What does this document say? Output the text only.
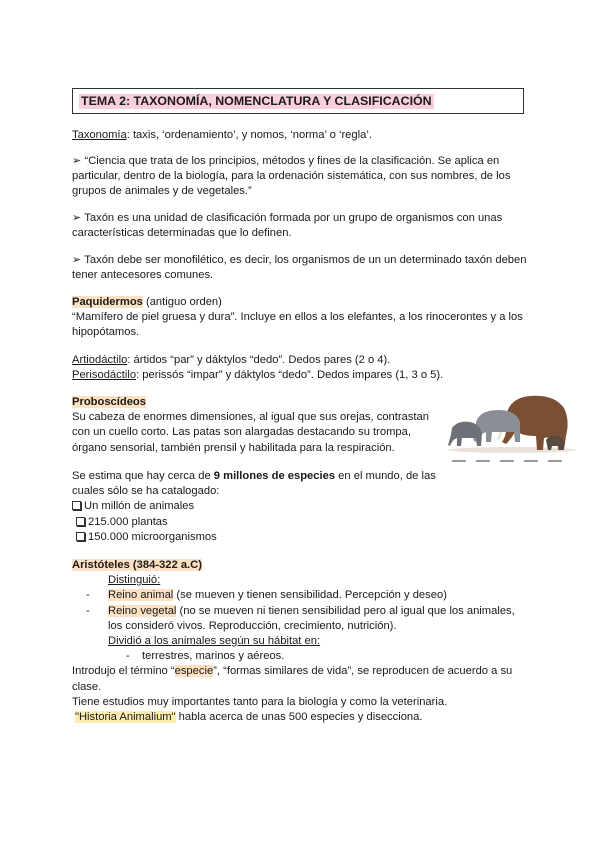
TEMA 2: TAXONOMÍA, NOMENCLATURA Y CLASIFICACIÓN

Taxonomía: taxis, ‘ordenamiento’, y nomos, ‘norma’ o ‘regla’.

➢ “Ciencia que trata de los principios, métodos y fines de la clasificación. Se aplica en particular, dentro de la biología, para la ordenación sistemática, con sus nombres, de los grupos de animales y de vegetales.”

➢ Taxón es una unidad de clasificación formada por un grupo de organismos con unas características determinadas que lo definen.

➢ Taxón debe ser monofilético, es decir, los organismos de un un determinado taxón deben tener antecesores comunes.

Paquidermos (antiguo orden)

“Mamífero de piel gruesa y dura”. Incluye en ellos a los elefantes, a los rinocerontes y a los hipopótamos.

Artiodáctilo: ártidos “par” y dáktylos “dedo”. Dedos pares (2 o 4).

Perisodáctilo: perissós “impar” y dáktylos “dedo”. Dedos impares (1, 3 o 5).

Proboscídeos

Su cabeza de enormes dimensiones, al igual que sus orejas, contrastan con un cuello corto. Las patas son alargadas destacando su trompa, órgano sensorial, también prensil y habilitada para la respiración.

Se estima que hay cerca de 9 millones de especies en el mundo, de las cuales sólo se ha catalogado:

Un millón de animales

215.000 plantas

150.000 microorganismos

Aristóteles (384-322 a.C)

Distinguió:

-	Reino animal (se mueven y tienen sensibilidad. Percepción y deseo)
-	Reino vegetal (no se mueven ni tienen sensibilidad pero al igual que los animales, los consideró vivos. Reproducción, crecimiento, nutrición).

Dividió a los animales según su hábitat en:

- terrestres, marinos y aéreos.

Introdujo el término “especie”, “formas similares de vida”, se reproducen de acuerdo a su clase.

Tiene estudios muy importantes tanto para la biología y como la veterinaria.

"Historia Animalium" habla acerca de unas 500 especies y disecciona.
